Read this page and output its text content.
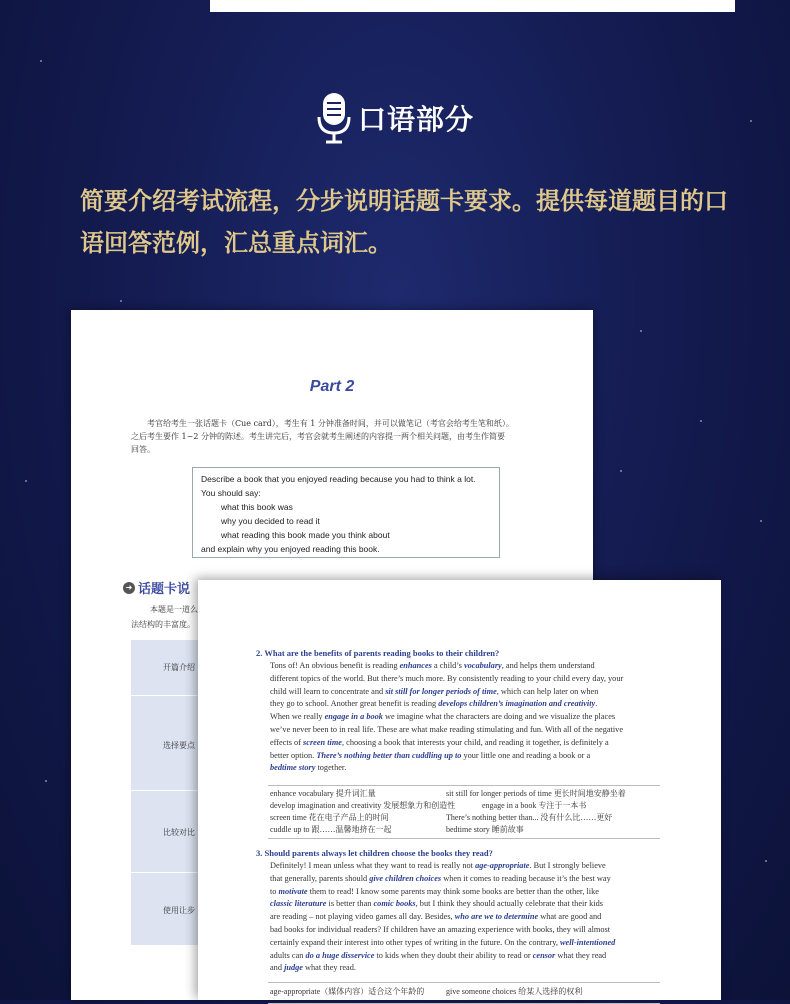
口语部分
简要介绍考试流程，分步说明话题卡要求。提供每道题目的口语回答范例，汇总重点词汇。
Part 2
考官给考生一张话题卡（Cue card），考生有 1 分钟准备时间，并可以做笔记（考官会给考生笔和纸）。
之后考生要作 1~2 分钟的陈述。考生讲完后，考官会就考生阐述的内容提一两个相关问题，由考生作简要
回答。
Describe a book that you enjoyed reading because you had to think a lot.
You should say:
what this book was
why you decided to read it
what reading this book made you think about
and explain why you enjoyed reading this book.
➜ 话题卡说
本题是一道么
法结构的丰富度。
开篇介绍
选择要点
比较对比
使用让步
2. What are the benefits of parents reading books to their children?
Tons of! An obvious benefit is reading enhances a child’s vocabulary, and helps them understand
different topics of the world. But there’s much more. By consistently reading to your child every day, your
child will learn to concentrate and sit still for longer periods of time, which can help later on when
they go to school. Another great benefit is reading develops children’s imagination and creativity.
When we really engage in a book we imagine what the characters are doing and we visualize the places
we’ve never been to in real life. These are what make reading stimulating and fun. With all of the negative
effects of screen time, choosing a book that interests your child, and reading it together, is definitely a
better option. There’s nothing better than cuddling up to your little one and reading a book or a
bedtime story together.
enhance vocabulary 提升词汇量	sit still for longer periods of time 更长时间地安静坐着
develop imagination and creativity 发展想象力和创造性	engage in a book 专注于一本书
screen time 花在电子产品上的时间	There’s nothing better than... 没有什么比……更好
cuddle up to 跟……温馨地挤在一起	bedtime story 睡前故事
3. Should parents always let children choose the books they read?
Definitely! I mean unless what they want to read is really not age-appropriate. But I strongly believe
that generally, parents should give children choices when it comes to reading because it’s the best way
to motivate them to read! I know some parents may think some books are better than the other, like
classic literature is better than comic books, but I think they should actually celebrate that their kids
are reading – not playing video games all day. Besides, who are we to determine what are good and
bad books for individual readers? If children have an amazing experience with books, they will almost
certainly expand their interest into other types of writing in the future. On the contrary, well-intentioned
adults can do a huge disservice to kids when they doubt their ability to read or censor what they read
and judge what they read.
age-appropriate（媒体内容）适合这个年龄的	give someone choices 给某人选择的权利
